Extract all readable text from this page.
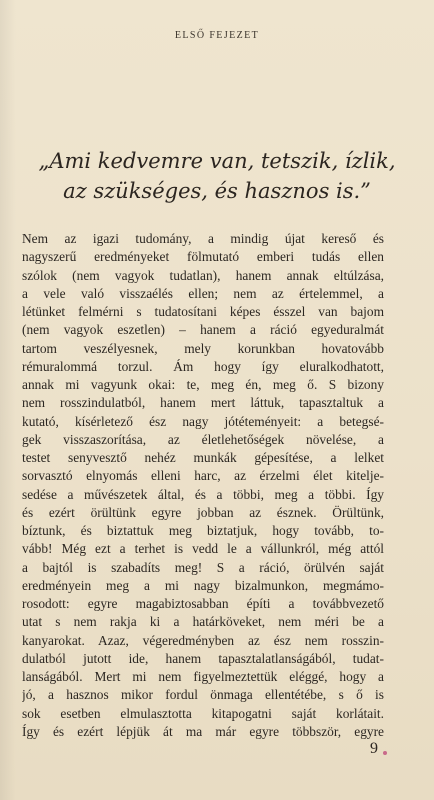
ELSŐ FEJEZET
„Ami kedvemre van, tetszik, ízlik,
az szükséges, és hasznos is.”
Nem az igazi tudomány, a mindig újat kereső és
nagyszerű eredményeket fölmutató emberi tudás ellen
szólok (nem vagyok tudatlan), hanem annak eltúlzása,
a vele való visszaélés ellen; nem az értelemmel, a
létünket felmérni s tudatosítani képes ésszel van bajom
(nem vagyok eszetlen) – hanem a ráció egyeduralmát
tartom veszélyesnek, mely korunkban hovatovább
rémuralommá torzul. Ám hogy így eluralkodhatott,
annak mi vagyunk okai: te, meg én, meg ő. S bizony
nem rosszindulatból, hanem mert láttuk, tapasztaltuk a
kutató, kísérletező ész nagy jótéteményeit: a betegsé-
gek visszaszorítása, az életlehetőségek növelése, a
testet senyvesztő nehéz munkák gépesítése, a lelket
sorvasztó elnyomás elleni harc, az érzelmi élet kitelje-
sedése a művészetek által, és a többi, meg a többi. Így
és ezért örültünk egyre jobban az észnek. Örültünk,
bíztunk, és biztattuk meg biztatjuk, hogy tovább, to-
vább! Még ezt a terhet is vedd le a vállunkról, még attól
a bajtól is szabadíts meg! S a ráció, örülvén saját
eredményein meg a mi nagy bizalmunkon, megmámo-
rosodott: egyre magabiztosabban építi a továbbvezető
utat s nem rakja ki a határköveket, nem méri be a
kanyarokat. Azaz, végeredményben az ész nem rosszin-
dulatból jutott ide, hanem tapasztalatlanságából, tudat-
lanságából. Mert mi nem figyelmeztettük eléggé, hogy a
jó, a hasznos mikor fordul önmaga ellentétébe, s ő is
sok esetben elmulasztotta kitapogatni saját korlátait.
Így és ezért lépjük át ma már egyre többször, egyre
9
